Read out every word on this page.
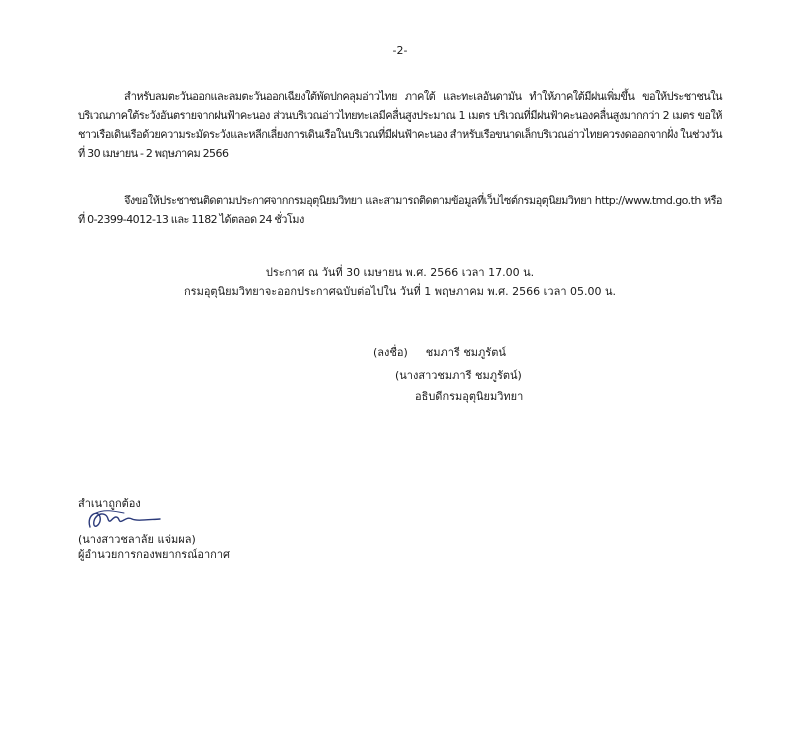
-2-

สำหรับลมตะวันออกและลมตะวันออกเฉียงใต้พัดปกคลุมอ่าวไทย ภาคใต้ และทะเลอันดามัน ทำให้ภาคใต้มีฝนเพิ่มขึ้น ขอให้ประชาชนในบริเวณภาคใต้ระวังอันตรายจากฝนฟ้าคะนอง ส่วนบริเวณอ่าวไทยทะเลมีคลื่นสูงประมาณ 1 เมตร บริเวณที่มีฝนฟ้าคะนองคลื่นสูงมากกว่า 2 เมตร ขอให้ชาวเรือเดินเรือด้วยความระมัดระวังและหลีกเลี่ยงการเดินเรือในบริเวณที่มีฝนฟ้าคะนอง สำหรับเรือขนาดเล็กบริเวณอ่าวไทยควรงดออกจากฝั่ง ในช่วงวันที่ 30 เมษายน - 2 พฤษภาคม 2566

จึงขอให้ประชาชนติดตามประกาศจากกรมอุตุนิยมวิทยา และสามารถติดตามข้อมูลที่เว็บไซต์กรมอุตุนิยมวิทยา http://www.tmd.go.th หรือที่ 0-2399-4012-13 และ 1182 ได้ตลอด 24 ชั่วโมง

ประกาศ ณ วันที่ 30 เมษายน พ.ศ. 2566 เวลา 17.00 น.
กรมอุตุนิยมวิทยาจะออกประกาศฉบับต่อไปใน วันที่ 1 พฤษภาคม พ.ศ. 2566 เวลา 05.00 น.
(ลงชื่อ) ชมภารี ชมภูรัตน์
(นางสาวชมภารี ชมภูรัตน์)
อธิบดีกรมอุตุนิยมวิทยา
สำเนาถูกต้อง
(นางสาวชลาลัย แจ่มผล)
ผู้อำนวยการกองพยากรณ์อากาศ
